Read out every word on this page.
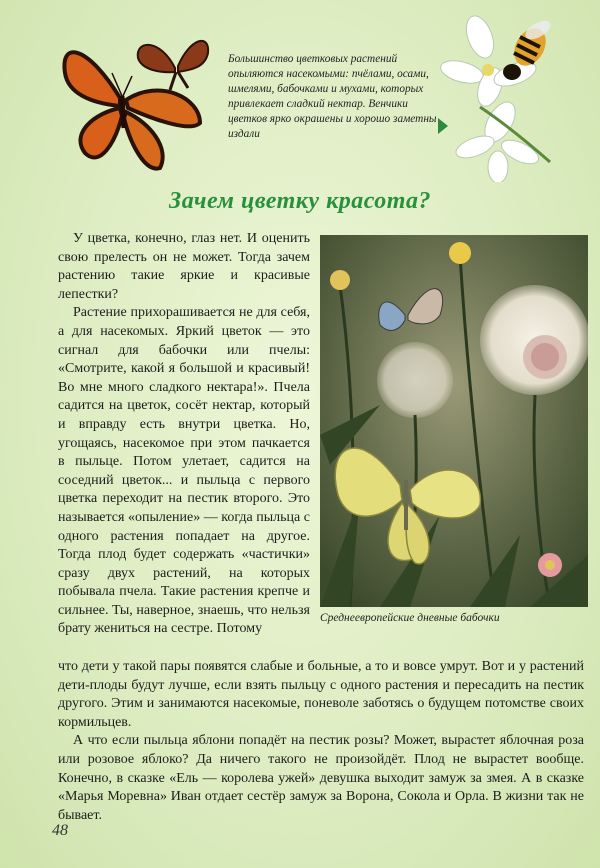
Большинство цветковых растений опыляются насекомыми: пчёлами, осами, шмелями, бабочками и мухами, которых привлекает сладкий нектар. Венчики цветков ярко окрашены и хорошо заметны издали
Зачем цветку красота?

У цветка, конечно, глаз нет. И оценить свою прелесть он не может. Тогда зачем растению такие яркие и красивые лепестки?

Растение прихорашивается не для себя, а для насекомых. Яркий цветок — это сигнал для бабочки или пчелы: «Смотрите, какой я большой и красивый! Во мне много сладкого нектара!». Пчела садится на цветок, сосёт нектар, который и вправду есть внутри цветка. Но, угощаясь, насекомое при этом пачкается в пыльце. Потом улетает, садится на соседний цветок... и пыльца с первого цветка переходит на пестик второго. Это называется «опыление» — когда пыльца с одного растения попадает на другое. Тогда плод будет содержать «частички» сразу двух растений, на которых побывала пчела. Такие растения крепче и сильнее. Ты, наверное, знаешь, что нельзя брату жениться на сестре. Потому

Среднеевропейские дневные бабочки

что дети у такой пары появятся слабые и больные, а то и вовсе умрут. Вот и у растений дети-плоды будут лучше, если взять пыльцу с одного растения и пересадить на пестик другого. Этим и занимаются насекомые, поневоле заботясь о будущем потомстве своих кормильцев.

А что если пыльца яблони попадёт на пестик розы? Может, вырастет яблочная роза или розовое яблоко? Да ничего такого не произойдёт. Плод не вырастет вообще. Конечно, в сказке «Ель — королева ужей» девушка выходит замуж за змея. А в сказке «Марья Моревна» Иван отдает сестёр замуж за Ворона, Сокола и Орла. В жизни так не бывает.

48
